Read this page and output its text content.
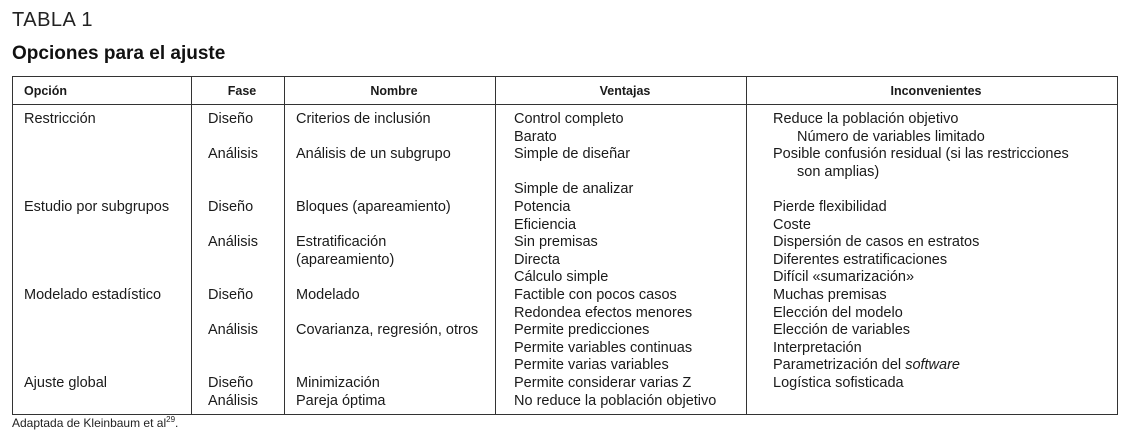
TABLA 1
Opciones para el ajuste
Opción	Fase	Nombre	Ventajas	Inconvenientes
Restricción	Diseño	Criterios de inclusión	Control completo	Reduce la población objetivo
			Barato	Número de variables limitado

	Análisis	Análisis de un subgrupo	Simple de diseñar	Posible confusión residual (si las restricciones

				son amplias)

			Simple de analizar	
Estudio por subgrupos	Diseño	Bloques (apareamiento)	Potencia	Pierde flexibilidad
			Eficiencia	Coste
	Análisis	Estratificación	Sin premisas	Dispersión de casos en estratos
		(apareamiento)	Directa	Diferentes estratificaciones
			Cálculo simple	Difícil «sumarización»
Modelado estadístico	Diseño	Modelado	Factible con pocos casos	Muchas premisas
			Redondea efectos menores	Elección del modelo
	Análisis	Covarianza, regresión, otros	Permite predicciones	Elección de variables
			Permite variables continuas	Interpretación
			Permite varias variables	Parametrización del software
Ajuste global	Diseño	Minimización	Permite considerar varias Z	Logística sofisticada
	Análisis	Pareja óptima	No reduce la población objetivo	
Adaptada de Kleinbaum et $al^{29}$.
